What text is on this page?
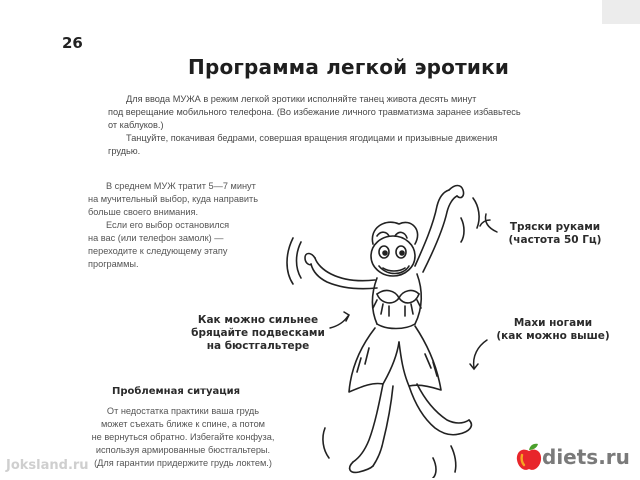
26
Программа легкой эротики

Для ввода МУЖА в режим легкой эротики исполняйте танец живота десять минут

под верещание мобильного телефона. (Во избежание личного травматизма заранее избавьтесь

от каблуков.)

Танцуйте, покачивая бедрами, совершая вращения ягодицами и призывные движения

грудью.

В среднем МУЖ тратит 5—7 минут

на мучительный выбор, куда направить

больше своего внимания.

Если его выбор остановился

на вас (или телефон замолк) —

переходите к следующему этапу

программы.

Тряски руками
(частота 50 Гц)
Махи ногами
(как можно выше)
Как можно сильнее
бряцайте подвесками
на бюстгальтере
Проблемная ситуация

От недостатка практики ваша грудь

может съехать ближе к спине, а потом

не вернуться обратно. Избегайте конфуза,

используя армированные бюстгальтеры.

(Для гарантии придержите грудь локтем.)

Joksland.ru	diets.ru
